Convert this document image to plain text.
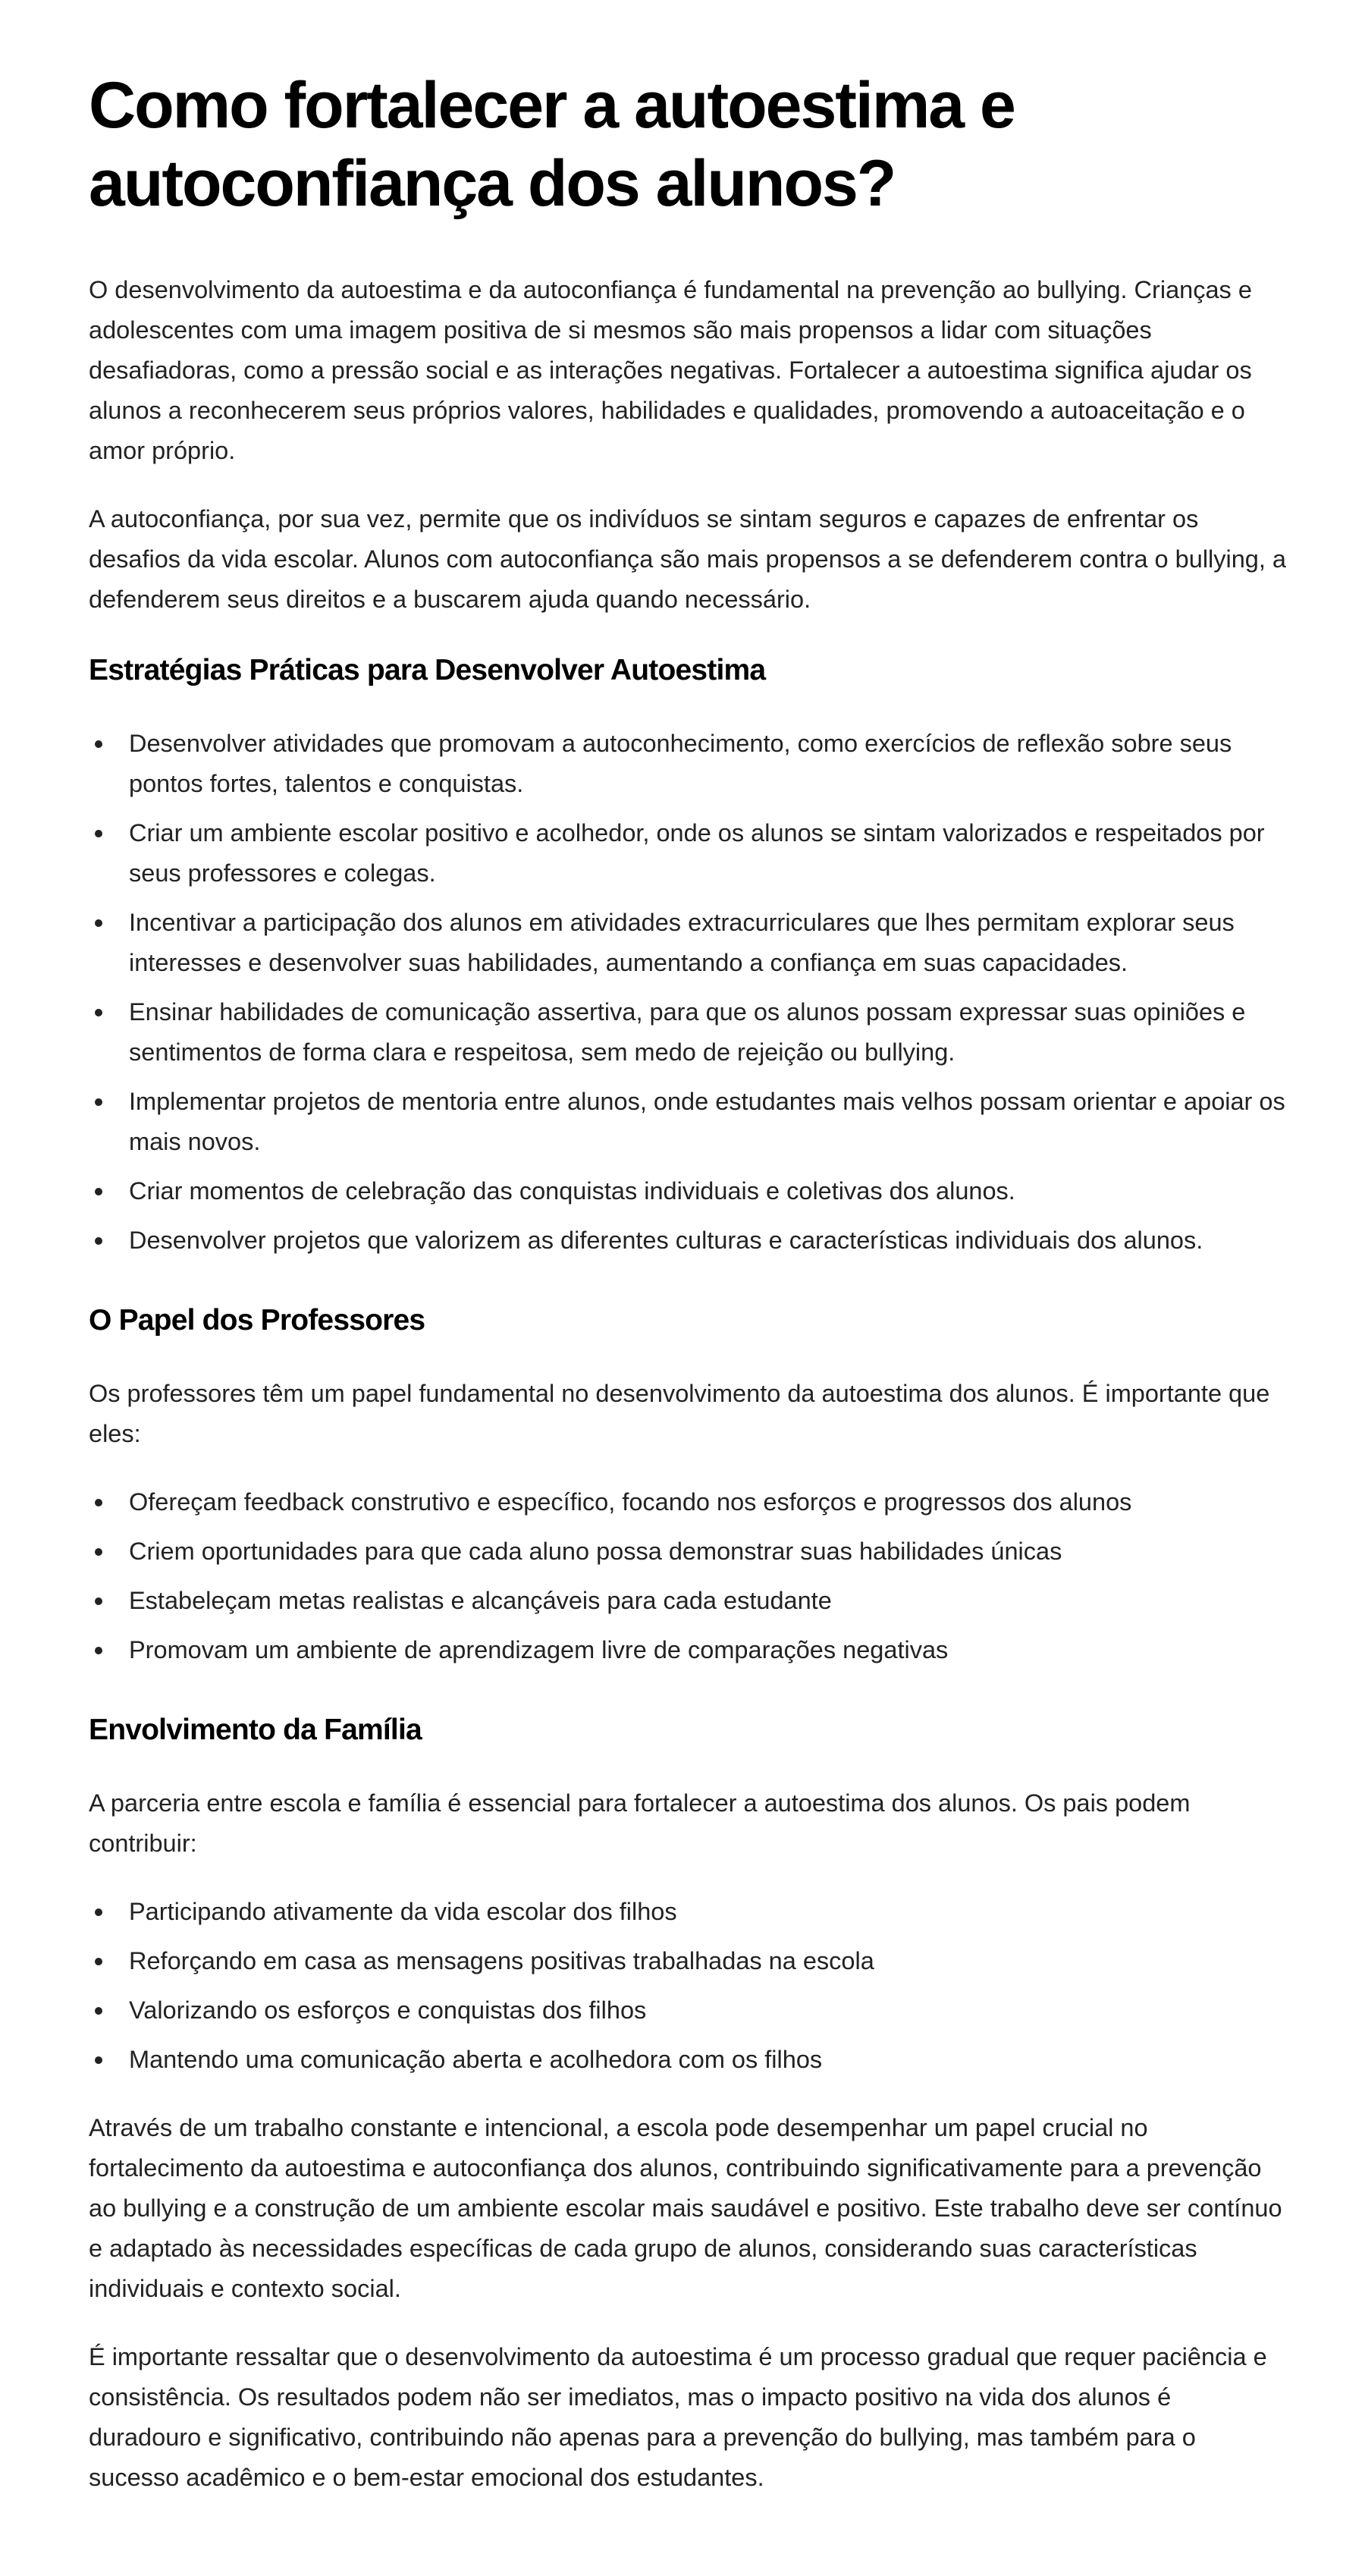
Como fortalecer a autoestima e autoconfiança dos alunos?

O desenvolvimento da autoestima e da autoconfiança é fundamental na prevenção ao bullying. Crianças e adolescentes com uma imagem positiva de si mesmos são mais propensos a lidar com situações desafiadoras, como a pressão social e as interações negativas. Fortalecer a autoestima significa ajudar os alunos a reconhecerem seus próprios valores, habilidades e qualidades, promovendo a autoaceitação e o amor próprio.

A autoconfiança, por sua vez, permite que os indivíduos se sintam seguros e capazes de enfrentar os desafios da vida escolar. Alunos com autoconfiança são mais propensos a se defenderem contra o bullying, a defenderem seus direitos e a buscarem ajuda quando necessário.

Estratégias Práticas para Desenvolver Autoestima
Desenvolver atividades que promovam a autoconhecimento, como exercícios de reflexão sobre seus pontos fortes, talentos e conquistas.
Criar um ambiente escolar positivo e acolhedor, onde os alunos se sintam valorizados e respeitados por seus professores e colegas.
Incentivar a participação dos alunos em atividades extracurriculares que lhes permitam explorar seus interesses e desenvolver suas habilidades, aumentando a confiança em suas capacidades.
Ensinar habilidades de comunicação assertiva, para que os alunos possam expressar suas opiniões e sentimentos de forma clara e respeitosa, sem medo de rejeição ou bullying.
Implementar projetos de mentoria entre alunos, onde estudantes mais velhos possam orientar e apoiar os mais novos.
Criar momentos de celebração das conquistas individuais e coletivas dos alunos.
Desenvolver projetos que valorizem as diferentes culturas e características individuais dos alunos.
O Papel dos Professores

Os professores têm um papel fundamental no desenvolvimento da autoestima dos alunos. É importante que eles:

Ofereçam feedback construtivo e específico, focando nos esforços e progressos dos alunos
Criem oportunidades para que cada aluno possa demonstrar suas habilidades únicas
Estabeleçam metas realistas e alcançáveis para cada estudante
Promovam um ambiente de aprendizagem livre de comparações negativas
Envolvimento da Família

A parceria entre escola e família é essencial para fortalecer a autoestima dos alunos. Os pais podem contribuir:

Participando ativamente da vida escolar dos filhos
Reforçando em casa as mensagens positivas trabalhadas na escola
Valorizando os esforços e conquistas dos filhos
Mantendo uma comunicação aberta e acolhedora com os filhos

Através de um trabalho constante e intencional, a escola pode desempenhar um papel crucial no fortalecimento da autoestima e autoconfiança dos alunos, contribuindo significativamente para a prevenção ao bullying e a construção de um ambiente escolar mais saudável e positivo. Este trabalho deve ser contínuo e adaptado às necessidades específicas de cada grupo de alunos, considerando suas características individuais e contexto social.

É importante ressaltar que o desenvolvimento da autoestima é um processo gradual que requer paciência e consistência. Os resultados podem não ser imediatos, mas o impacto positivo na vida dos alunos é duradouro e significativo, contribuindo não apenas para a prevenção do bullying, mas também para o sucesso acadêmico e o bem-estar emocional dos estudantes.
